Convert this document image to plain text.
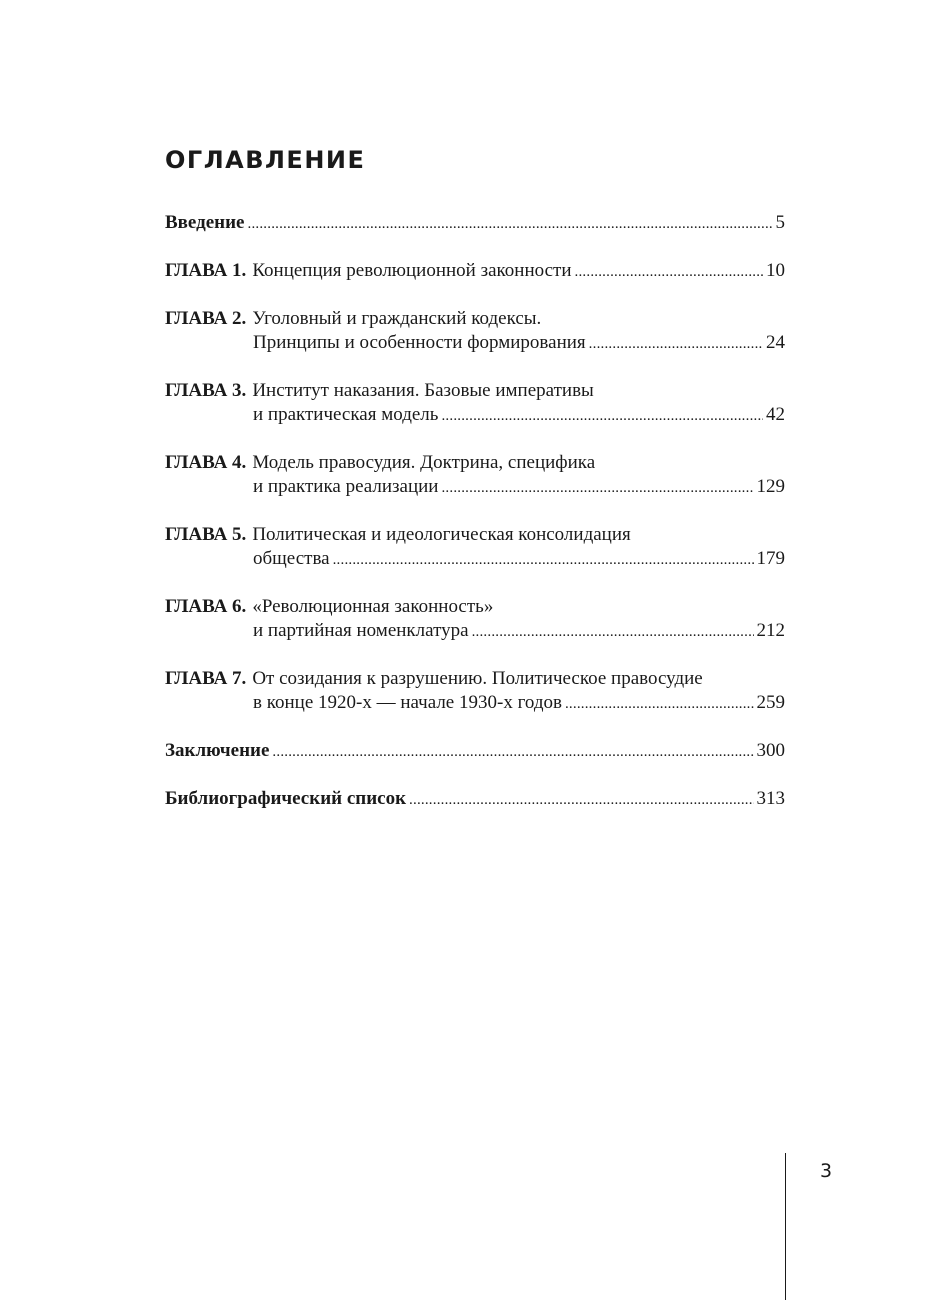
ОГЛАВЛЕНИЕ
Введение .....	5
ГЛАВА 1. Концепция революционной законности .....	10
ГЛАВА 2. Уголовный и гражданский кодексы.
Принципы и особенности формирования .....	24
ГЛАВА 3. Институт наказания. Базовые императивы
и практическая модель .....	42
ГЛАВА 4. Модель правосудия. Доктрина, специфика
и практика реализации .....	129
ГЛАВА 5. Политическая и идеологическая консолидация
общества .....	179
ГЛАВА 6. «Революционная законность»
и партийная номенклатура .....	212
ГЛАВА 7. От созидания к разрушению. Политическое правосудие
в конце 1920-х — начале 1930-х годов .....	259
Заключение .....	300
Библиографический список .....	313
3
